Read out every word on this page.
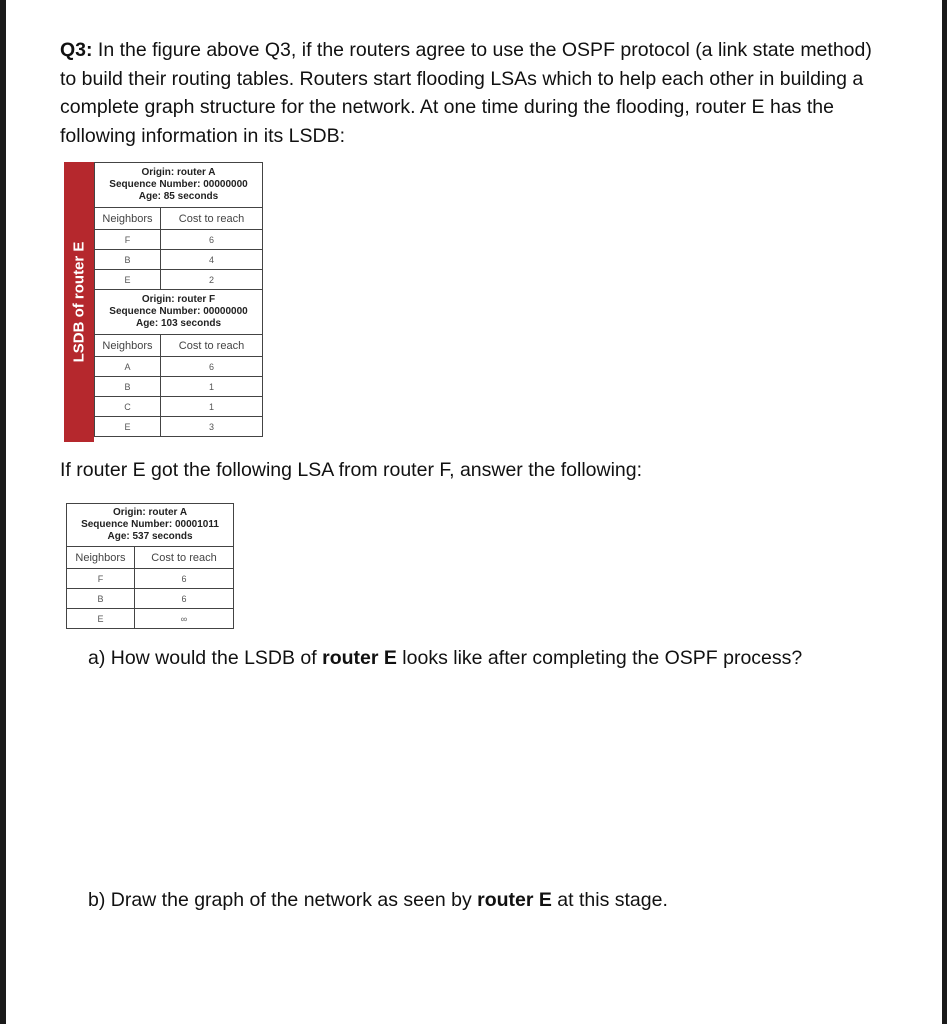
Q3: In the figure above Q3, if the routers agree to use the OSPF protocol (a link state method) to build their routing tables. Routers start flooding LSAs which to help each other in building a complete graph structure for the network. At one time during the flooding, router E has the following information in its LSDB:
LSDB of router E
Origin: router A
Sequence Number: 00000000
Age: 85 seconds	

Neighbors	Cost to reach
F	6
B	4
E	2

Origin: router F
Sequence Number: 00000000
Age: 103 seconds	

Neighbors	Cost to reach
A	6
B	1
C	1
E	3
If router E got the following LSA from router F, answer the following:
Origin: router A
Sequence Number: 00001011
Age: 537 seconds	

Neighbors	Cost to reach
F	6
B	6
E	∞
a) How would the LSDB of router E looks like after completing the OSPF process?
b) Draw the graph of the network as seen by router E at this stage.
